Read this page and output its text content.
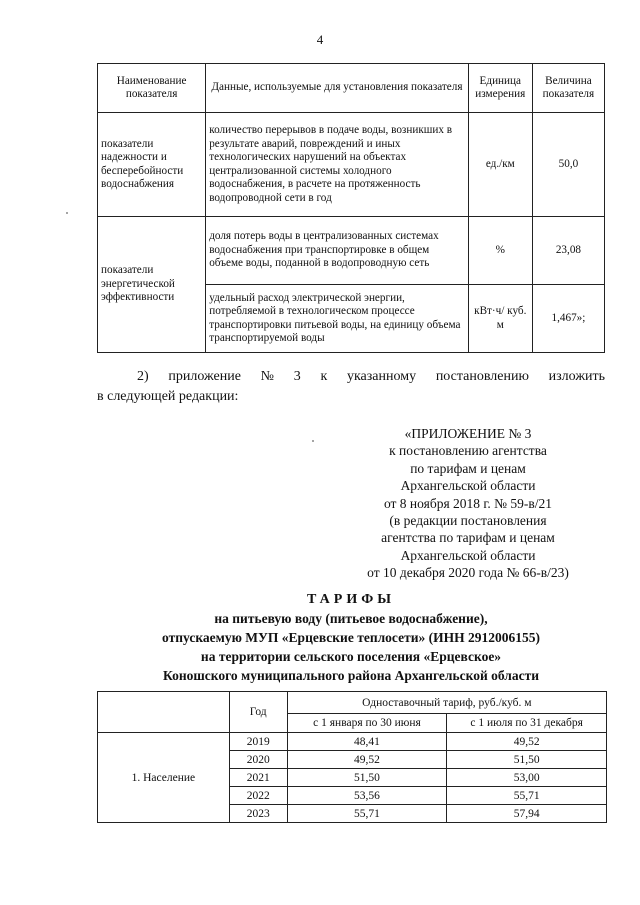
4
Наименование показателя	Данные, используемые для установления показателя	Единица измерения	Величина показателя
показатели надежности и бесперебойности водоснабжения	количество перерывов в подаче воды, возникших в результате аварий, повреждений и иных технологических нарушений на объектах централизованной системы холодного водоснабжения, в расчете на протяженность водопроводной сети в год	ед./км	50,0
показатели энергетической эффективности	доля потерь воды в централизованных системах водоснабжения при транспортировке в общем объеме воды, поданной в водопроводную сеть	%	23,08
	удельный расход электрической энергии, потребляемой в технологическом процессе транспортировки питьевой воды, на единицу объема транспортируемой воды	кВт·ч/ куб. м	1,467»;
2) приложение № 3 к указанному постановлению изложить
в следующей редакции:
«ПРИЛОЖЕНИЕ № 3
к постановлению агентства
по тарифам и ценам
Архангельской области
от 8 ноября 2018 г. № 59-в/21
(в редакции постановления
агентства по тарифам и ценам
Архангельской области
от 10 декабря 2020 года № 66-в/23)
ТАРИФЫ
на питьевую воду (питьевое водоснабжение),
отпускаемую МУП «Ерцевские теплосети» (ИНН 2912006155)
на территории сельского поселения «Ерцевское»
Коношского муниципального района Архангельской области
	Год	Одноставочный тариф, руб./куб. м	
		с 1 января по 30 июня	с 1 июля по 31 декабря
1. Население	2019	48,41	49,52
	2020	49,52	51,50
	2021	51,50	53,00
	2022	53,56	55,71
	2023	55,71	57,94
